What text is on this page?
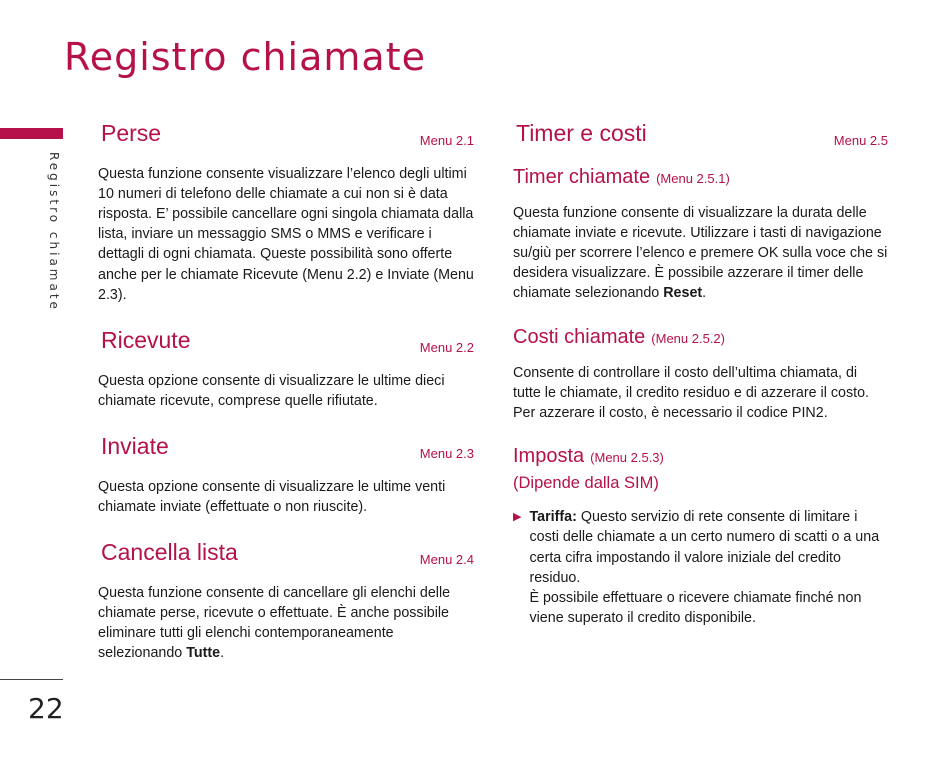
Registro chiamate
Registro chiamate
22
Perse	Menu 2.1

Questa funzione consente visualizzare l’elenco degli ultimi 10 numeri di telefono delle chiamate a cui non si è data risposta. E’ possibile cancellare ogni singola chiamata dalla lista, inviare un messaggio SMS o MMS e verificare i dettagli di ogni chiamata. Queste possibilità sono offerte anche per le chiamate Ricevute (Menu 2.2) e Inviate (Menu 2.3).

Ricevute	Menu 2.2

Questa opzione consente di visualizzare le ultime dieci chiamate ricevute, comprese quelle rifiutate.

Inviate	Menu 2.3

Questa opzione consente di visualizzare le ultime venti chiamate inviate (effettuate o non riuscite).

Cancella lista	Menu 2.4

Questa funzione consente di cancellare gli elenchi delle chiamate perse, ricevute o effettuate. È anche possibile eliminare tutti gli elenchi contemporaneamente selezionando Tutte.

Timer e costi	Menu 2.5
Timer chiamate (Menu 2.5.1)

Questa funzione consente di visualizzare la durata delle chiamate inviate e ricevute. Utilizzare i tasti di navigazione su/giù per scorrere l’elenco e premere OK sulla voce che si desidera visualizzare. È possibile azzerare il timer delle chiamate selezionando Reset.

Costi chiamate (Menu 2.5.2)

Consente di controllare il costo dell’ultima chiamata, di tutte le chiamate, il credito residuo e di azzerare il costo. Per azzerare il costo, è necessario il codice PIN2.

Imposta (Menu 2.5.3)
(Dipende dalla SIM)
▶ Tariffa: Questo servizio di rete consente di limitare i costi delle chiamate a un certo numero di scatti o a una certa cifra impostando il valore iniziale del credito residuo.

È possibile effettuare o ricevere chiamate finché non viene superato il credito disponibile.
